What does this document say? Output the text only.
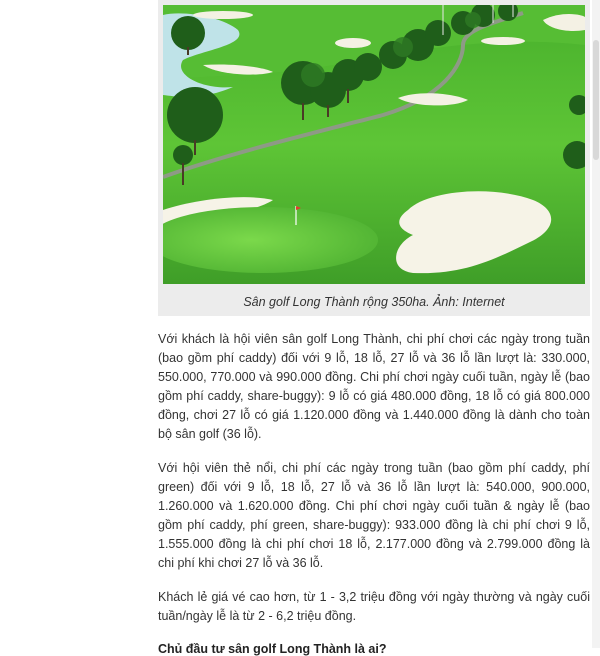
Sân golf Long Thành rộng 350ha. Ảnh: Internet

Với khách là hội viên sân golf Long Thành, chi phí chơi các ngày trong tuần (bao gồm phí caddy) đối với 9 lỗ, 18 lỗ, 27 lỗ và 36 lỗ lần lượt là: 330.000, 550.000, 770.000 và 990.000 đồng. Chi phí chơi ngày cuối tuần, ngày lễ (bao gồm phí caddy, share-buggy): 9 lỗ có giá 480.000 đồng, 18 lỗ có giá 800.000 đồng, chơi 27 lỗ có giá 1.120.000 đồng và 1.440.000 đồng là dành cho toàn bộ sân golf (36 lỗ).

Với hội viên thẻ nổi, chi phí các ngày trong tuần (bao gồm phí caddy, phí green) đối với 9 lỗ, 18 lỗ, 27 lỗ và 36 lỗ lần lượt là: 540.000, 900.000, 1.260.000 và 1.620.000 đồng. Chi phí chơi ngày cuối tuần & ngày lễ (bao gồm phí caddy, phí green, share-buggy): 933.000 đồng là chi phí chơi 9 lỗ, 1.555.000 đồng là chi phí chơi 18 lỗ, 2.177.000 đồng và 2.799.000 đồng là chi phí khi chơi 27 lỗ và 36 lỗ.

Khách lẻ giá vé cao hơn, từ 1 - 3,2 triệu đồng với ngày thường và ngày cuối tuần/ngày lễ là từ 2 - 6,2 triệu đồng.

Chủ đầu tư sân golf Long Thành là ai?
